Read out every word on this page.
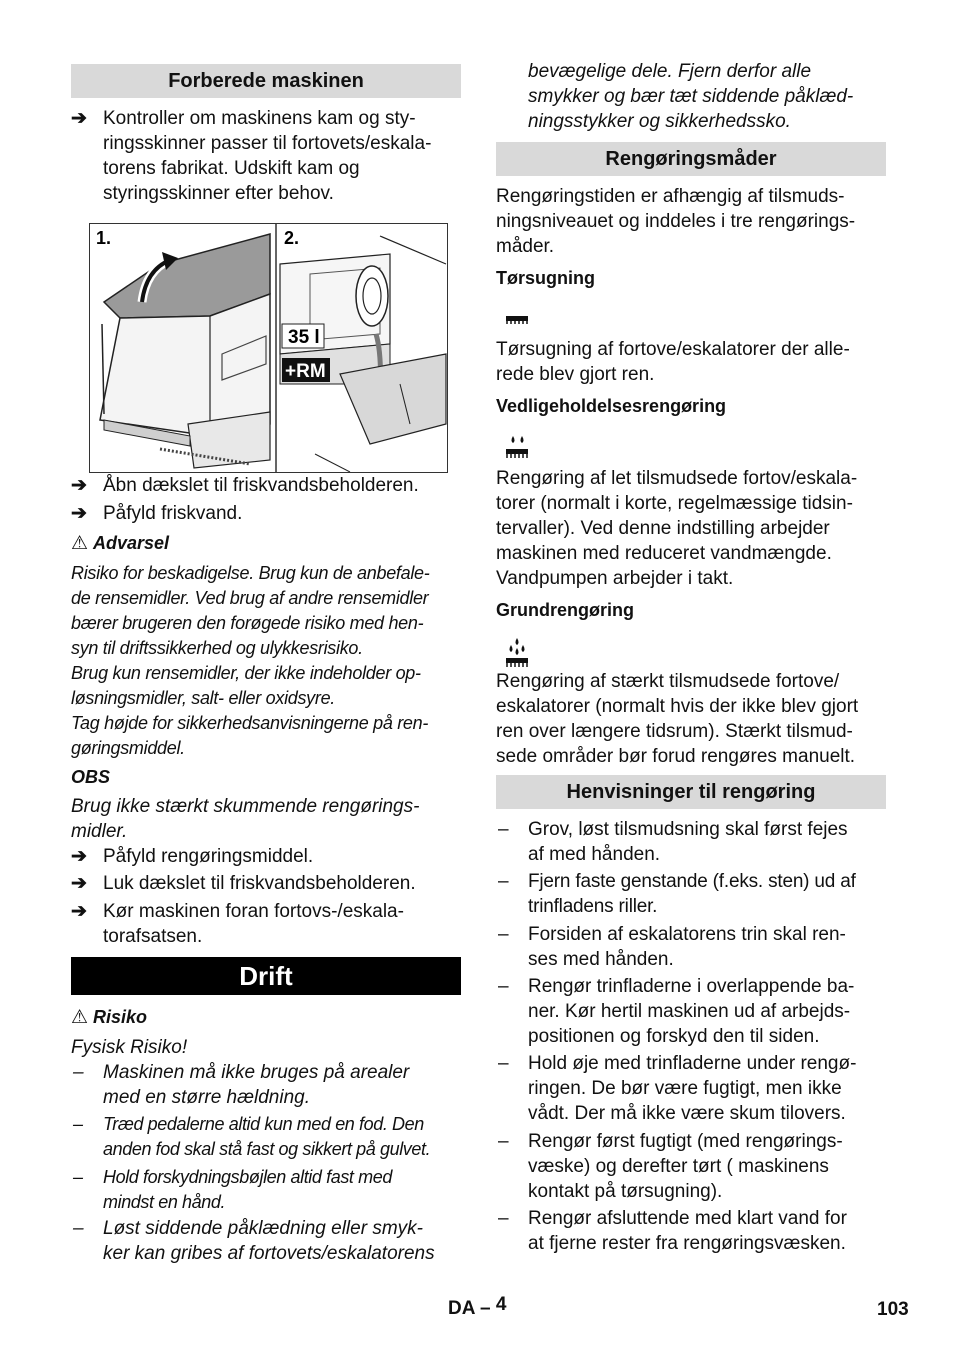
Forberede maskinen
➔ Kontroller om maskinens kam og sty-
ringsskinner passer til fortovets/eskala-
torens fabrikat. Udskift kam og
styringsskinner efter behov.
1.	2.
35 l
+RM
➔ Åbn dækslet til friskvandsbeholderen.
➔ Påfyld friskvand.
⚠ Advarsel
Risiko for beskadigelse. Brug kun de anbefale-
de rensemidler. Ved brug af andre rensemidler
bærer brugeren den forøgede risiko med hen-
syn til driftssikkerhed og ulykkesrisiko.
Brug kun rensemidler, der ikke indeholder op-
løsningsmidler, salt- eller oxidsyre.
Tag højde for sikkerhedsanvisningerne på ren-
gøringsmiddel.
OBS
Brug ikke stærkt skummende rengørings-
midler.
➔ Påfyld rengøringsmiddel.
➔ Luk dækslet til friskvandsbeholderen.
➔ Kør maskinen foran fortovs-/eskala-
torafsatsen.
Drift
⚠ Risiko
Fysisk Risiko!
– Maskinen må ikke bruges på arealer
med en større hældning.
– Træd pedalerne altid kun med en fod. Den
anden fod skal stå fast og sikkert på gulvet.
– Hold forskydningsbøjlen altid fast med
mindst en hånd.
– Løst siddende påklædning eller smyk-
ker kan gribes af fortovets/eskalatorens
bevægelige dele. Fjern derfor alle
smykker og bær tæt siddende påklæd-
ningsstykker og sikkerhedssko.
Rengøringsmåder
Rengøringstiden er afhængig af tilsmuds-
ningsniveauet og inddeles i tre rengørings-
måder.
Tørsugning
Tørsugning af fortove/eskalatorer der alle-
rede blev gjort ren.
Vedligeholdelsesrengøring
Rengøring af let tilsmudsede fortov/eskala-
torer (normalt i korte, regelmæssige tidsin-
tervaller). Ved denne indstilling arbejder
maskinen med reduceret vandmængde.
Vandpumpen arbejder i takt.
Grundrengøring
Rengøring af stærkt tilsmudsede fortove/
eskalatorer (normalt hvis der ikke blev gjort
ren over længere tidsrum). Stærkt tilsmud-
sede områder bør forud rengøres manuelt.
Henvisninger til rengøring
– Grov, løst tilsmudsning skal først fejes
af med hånden.
– Fjern faste genstande (f.eks. sten) ud af
trinfladens riller.
– Forsiden af eskalatorens trin skal ren-
ses med hånden.
– Rengør trinfladerne i overlappende ba-
ner. Kør hertil maskinen ud af arbejds-
positionen og forskyd den til siden.
– Hold øje med trinfladerne under rengø-
ringen. De bør være fugtigt, men ikke
vådt. Der må ikke være skum tilovers.
– Rengør først fugtigt (med rengørings-
væske) og derefter tørt ( maskinens
kontakt på tørsugning).
– Rengør afsluttende med klart vand for
at fjerne rester fra rengøringsvæsken.
DA – 4	103
